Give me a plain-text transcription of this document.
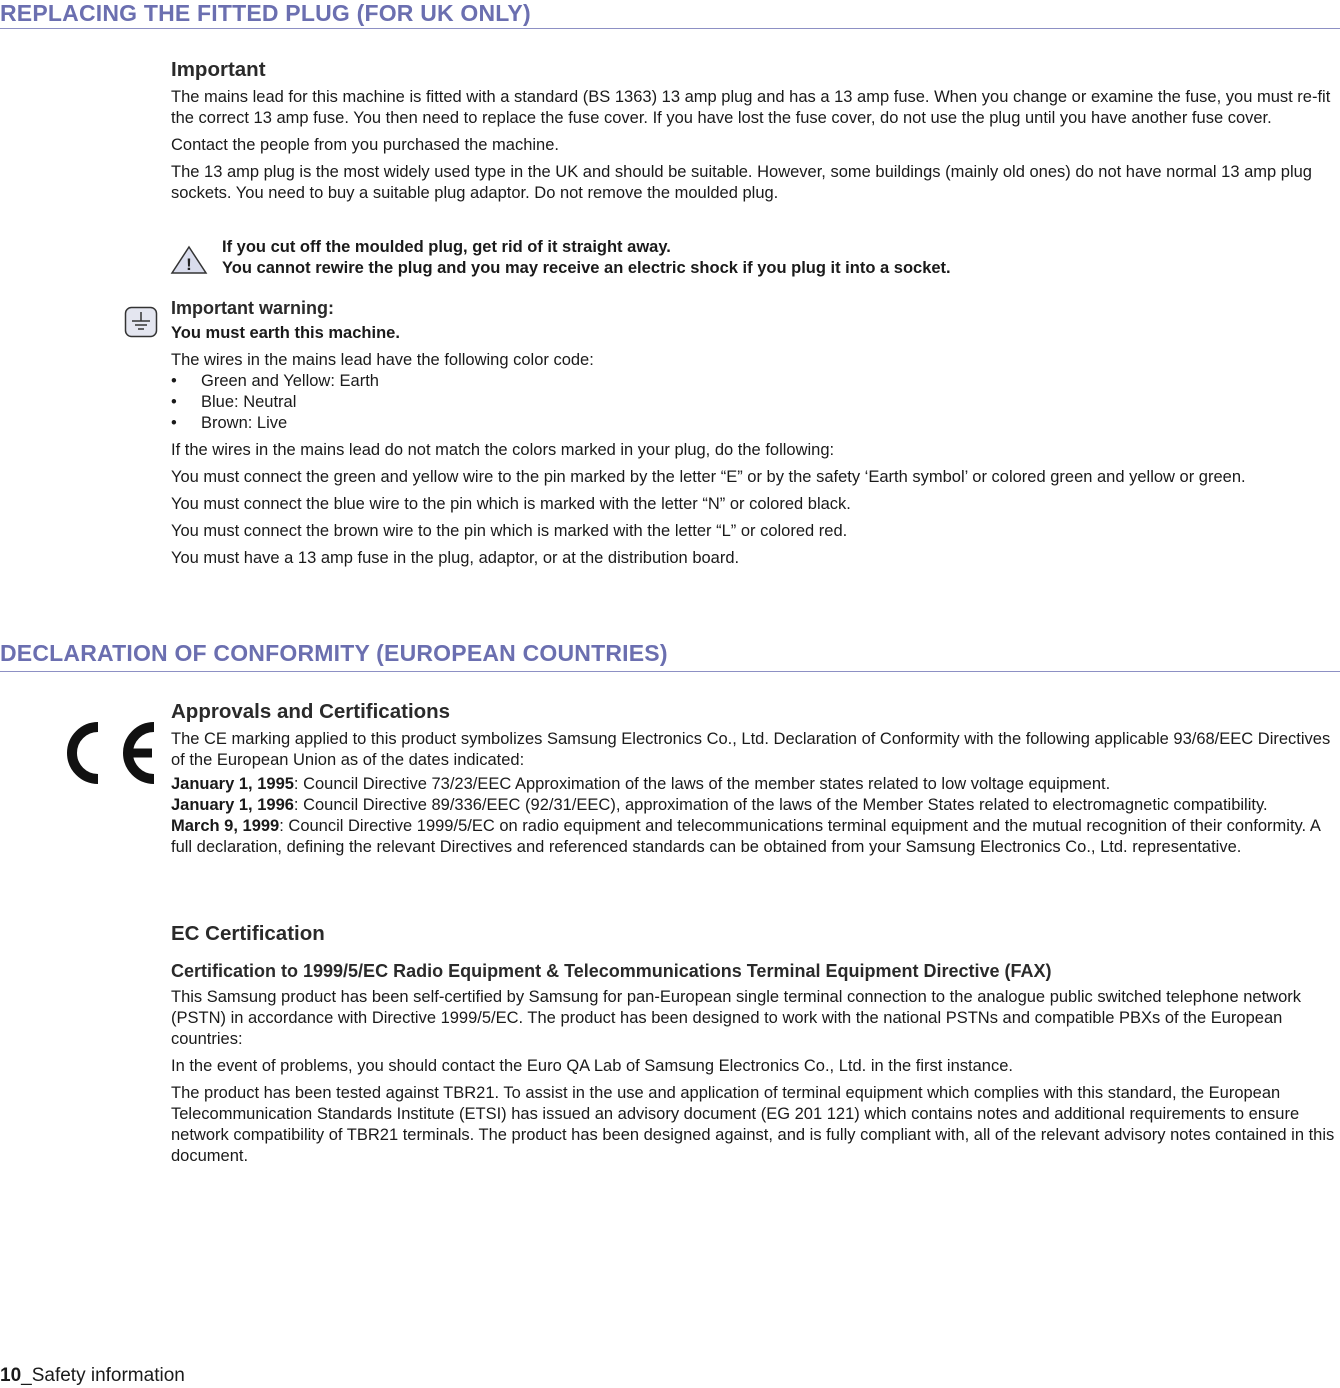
REPLACING THE FITTED PLUG (FOR UK ONLY)
Important

The mains lead for this machine is fitted with a standard (BS 1363) 13 amp plug and has a 13 amp fuse. When you change or examine the fuse, you must re-fit the correct 13 amp fuse. You then need to replace the fuse cover. If you have lost the fuse cover, do not use the plug until you have another fuse cover.

Contact the people from you purchased the machine.

The 13 amp plug is the most widely used type in the UK and should be suitable. However, some buildings (mainly old ones) do not have normal 13 amp plug sockets. You need to buy a suitable plug adaptor. Do not remove the moulded plug.

!

If you cut off the moulded plug, get rid of it straight away.

You cannot rewire the plug and you may receive an electric shock if you plug it into a socket.

Important warning:

You must earth this machine.

The wires in the mains lead have the following color code:

• Green and Yellow: Earth
• Blue: Neutral
• Brown: Live

If the wires in the mains lead do not match the colors marked in your plug, do the following:

You must connect the green and yellow wire to the pin marked by the letter “E” or by the safety ‘Earth symbol’ or colored green and yellow or green.

You must connect the blue wire to the pin which is marked with the letter “N” or colored black.

You must connect the brown wire to the pin which is marked with the letter “L” or colored red.

You must have a 13 amp fuse in the plug, adaptor, or at the distribution board.

DECLARATION OF CONFORMITY (EUROPEAN COUNTRIES)
Approvals and Certifications

The CE marking applied to this product symbolizes Samsung Electronics Co., Ltd. Declaration of Conformity with the following applicable 93/68/EEC Directives of the European Union as of the dates indicated:

January 1, 1995: Council Directive 73/23/EEC Approximation of the laws of the member states related to low voltage equipment.

January 1, 1996: Council Directive 89/336/EEC (92/31/EEC), approximation of the laws of the Member States related to electromagnetic compatibility.

March 9, 1999: Council Directive 1999/5/EC on radio equipment and telecommunications terminal equipment and the mutual recognition of their conformity. A full declaration, defining the relevant Directives and referenced standards can be obtained from your Samsung Electronics Co., Ltd. representative.

EC Certification
Certification to 1999/5/EC Radio Equipment & Telecommunications Terminal Equipment Directive (FAX)

This Samsung product has been self-certified by Samsung for pan-European single terminal connection to the analogue public switched telephone network (PSTN) in accordance with Directive 1999/5/EC. The product has been designed to work with the national PSTNs and compatible PBXs of the European countries:

In the event of problems, you should contact the Euro QA Lab of Samsung Electronics Co., Ltd. in the first instance.

The product has been tested against TBR21. To assist in the use and application of terminal equipment which complies with this standard, the European Telecommunication Standards Institute (ETSI) has issued an advisory document (EG 201 121) which contains notes and additional requirements to ensure network compatibility of TBR21 terminals. The product has been designed against, and is fully compliant with, all of the relevant advisory notes contained in this document.

10_Safety information
